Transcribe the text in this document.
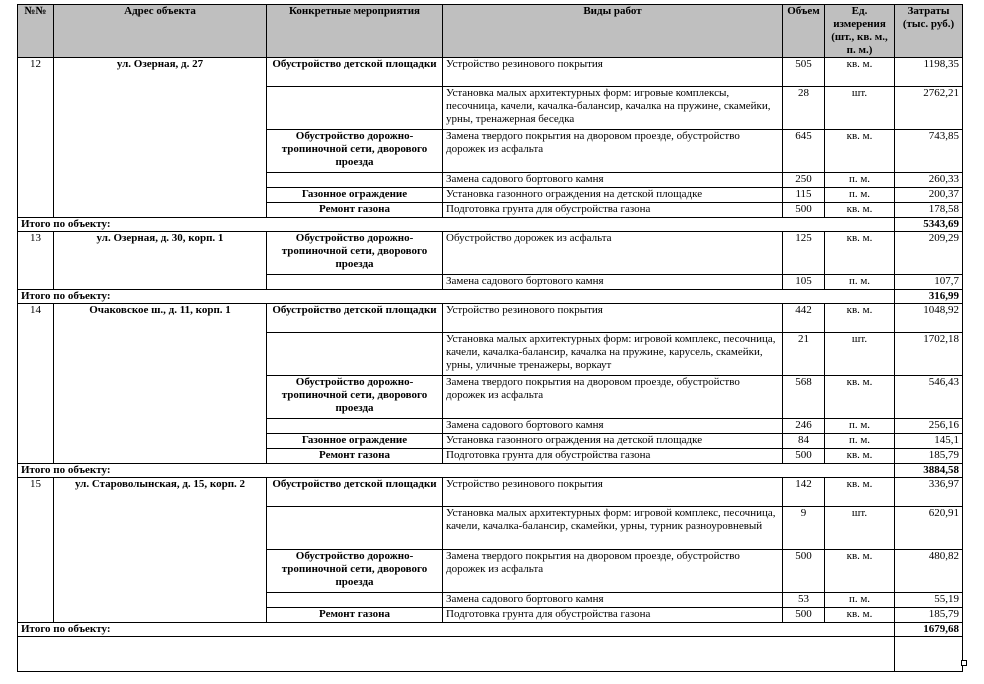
№№	Адрес объекта	Конкретные мероприятия	Виды работ	Объем	Ед. измерения (шт., кв. м., п. м.)	Затраты (тыс. руб.)
12	ул. Озерная, д. 27	Обустройство детской площадки	Устройство резинового покрытия	505	кв. м.	1198,35
			Установка малых архитектурных форм: игровые комплексы, песочница, качели, качалка-балансир, качалка на пружине, скамейки, урны, тренажерная беседка	28	шт.	2762,21
		Обустройство дорожно-тропиночной сети, дворового проезда	Замена твердого покрытия на дворовом проезде, обустройство дорожек из асфальта	645	кв. м.	743,85
			Замена садового бортового камня	250	п. м.	260,33
		Газонное ограждение	Установка газонного ограждения на детской площадке	115	п. м.	200,37
		Ремонт газона	Подготовка грунта для обустройства газона	500	кв. м.	178,58
Итого по объекту:						5343,69
13	ул. Озерная, д. 30, корп. 1	Обустройство дорожно-тропиночной сети, дворового проезда	Обустройство дорожек из асфальта	125	кв. м.	209,29
			Замена садового бортового камня	105	п. м.	107,7
Итого по объекту:						316,99
14	Очаковское ш., д. 11, корп. 1	Обустройство детской площадки	Устройство резинового покрытия	442	кв. м.	1048,92
			Установка малых архитектурных форм: игровой комплекс, песочница, качели, качалка-балансир, качалка на пружине, карусель, скамейки, урны, уличные тренажеры, воркаут	21	шт.	1702,18
		Обустройство дорожно-тропиночной сети, дворового проезда	Замена твердого покрытия на дворовом проезде, обустройство дорожек из асфальта	568	кв. м.	546,43
			Замена садового бортового камня	246	п. м.	256,16
		Газонное ограждение	Установка газонного ограждения на детской площадке	84	п. м.	145,1
		Ремонт газона	Подготовка грунта для обустройства газона	500	кв. м.	185,79
Итого по объекту:						3884,58
15	ул. Староволынская, д. 15, корп. 2	Обустройство детской площадки	Устройство резинового покрытия	142	кв. м.	336,97
			Установка малых архитектурных форм: игровой комплекс, песочница, качели, качалка-балансир, скамейки, урны, турник разноуровневый	9	шт.	620,91
		Обустройство дорожно-тропиночной сети, дворового проезда	Замена твердого покрытия на дворовом проезде, обустройство дорожек из асфальта	500	кв. м.	480,82
			Замена садового бортового камня	53	п. м.	55,19
		Ремонт газона	Подготовка грунта для обустройства газона	500	кв. м.	185,79
Итого по объекту:						1679,68
